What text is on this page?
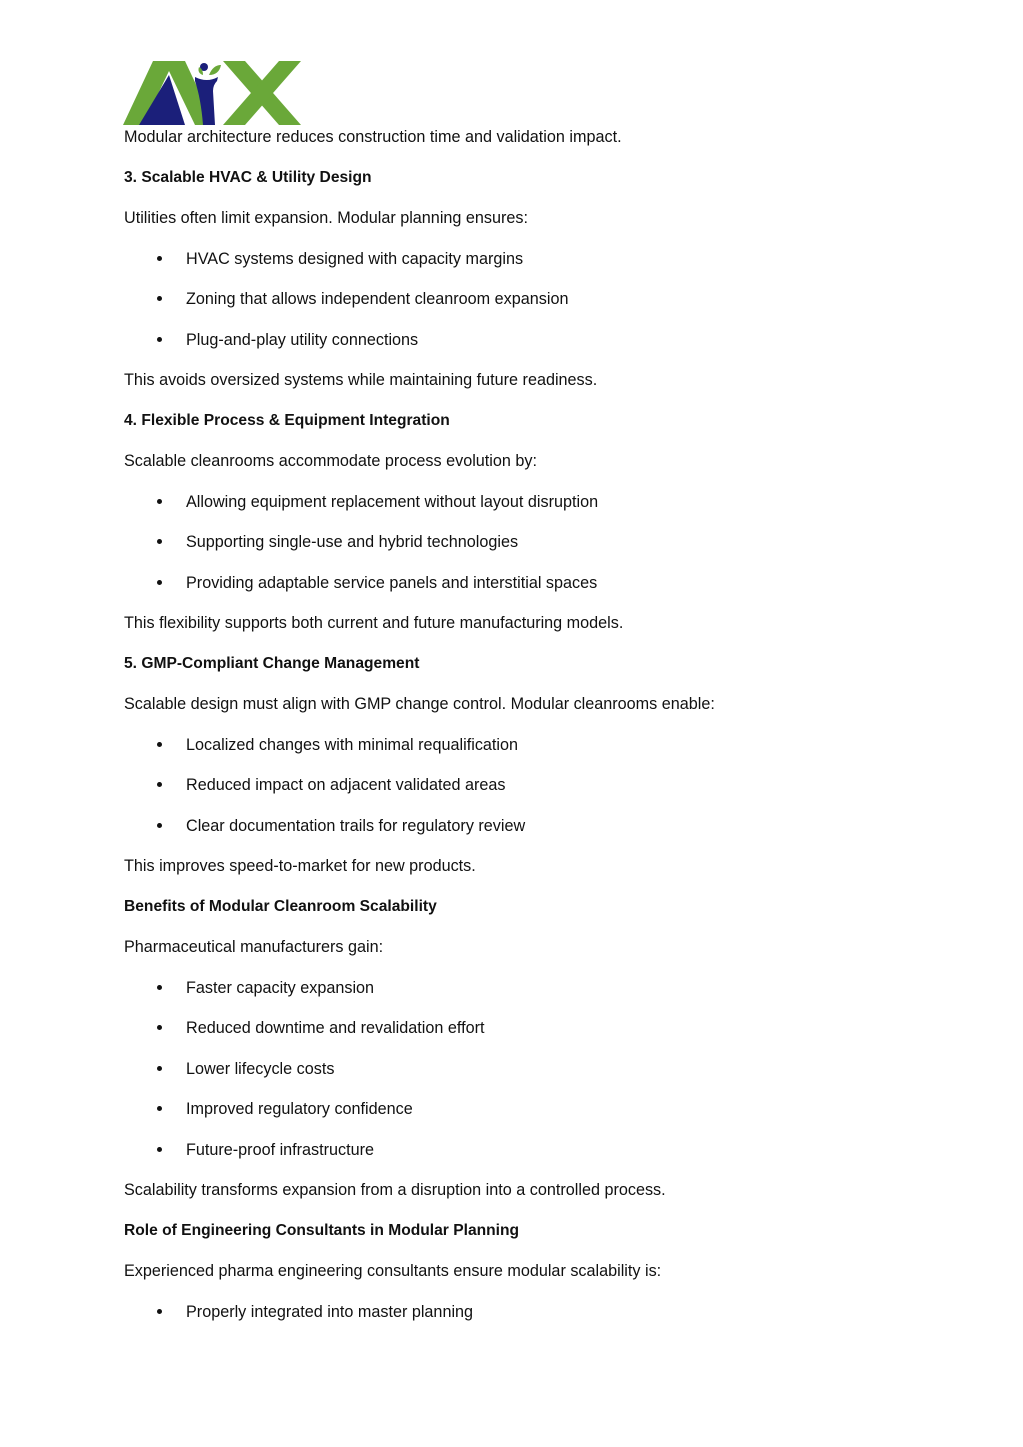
Modular architecture reduces construction time and validation impact.
3. Scalable HVAC & Utility Design
Utilities often limit expansion. Modular planning ensures:
HVAC systems designed with capacity margins
Zoning that allows independent cleanroom expansion
Plug-and-play utility connections
This avoids oversized systems while maintaining future readiness.
4. Flexible Process & Equipment Integration
Scalable cleanrooms accommodate process evolution by:
Allowing equipment replacement without layout disruption
Supporting single-use and hybrid technologies
Providing adaptable service panels and interstitial spaces
This flexibility supports both current and future manufacturing models.
5. GMP-Compliant Change Management
Scalable design must align with GMP change control. Modular cleanrooms enable:
Localized changes with minimal requalification
Reduced impact on adjacent validated areas
Clear documentation trails for regulatory review
This improves speed-to-market for new products.
Benefits of Modular Cleanroom Scalability
Pharmaceutical manufacturers gain:
Faster capacity expansion
Reduced downtime and revalidation effort
Lower lifecycle costs
Improved regulatory confidence
Future-proof infrastructure
Scalability transforms expansion from a disruption into a controlled process.
Role of Engineering Consultants in Modular Planning
Experienced pharma engineering consultants ensure modular scalability is:
Properly integrated into master planning
